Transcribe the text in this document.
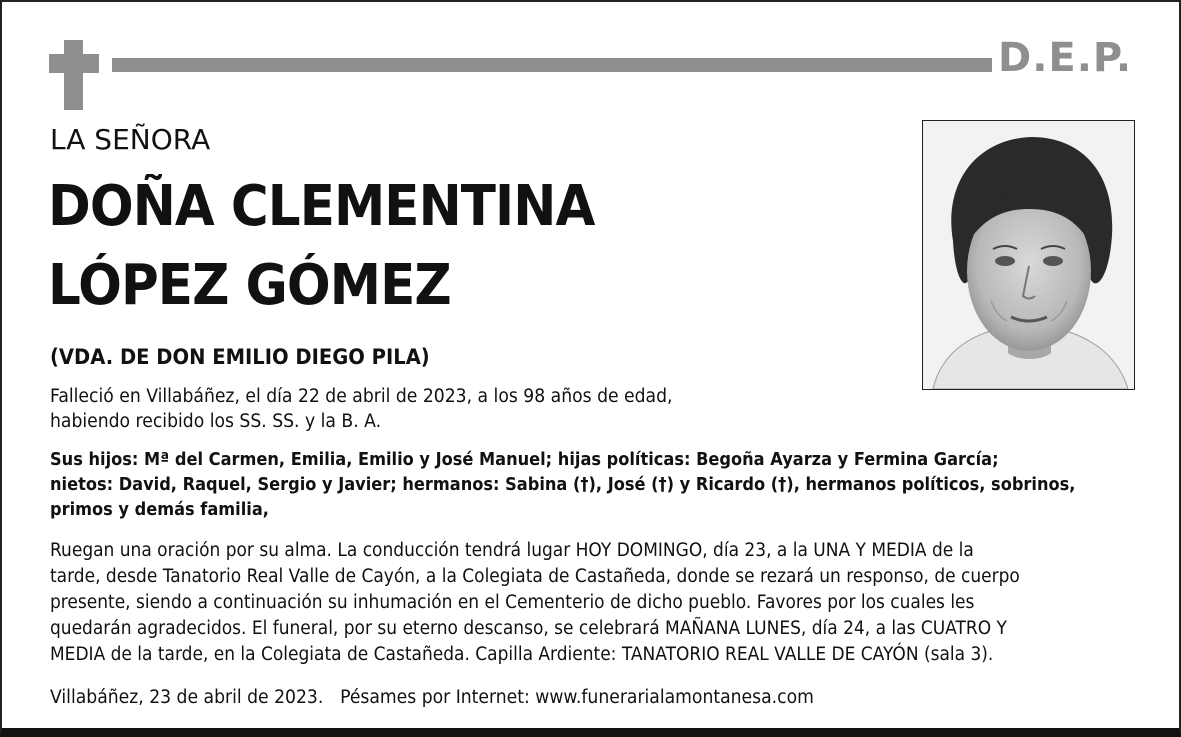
D.E.P.
LA SEÑORA
DOÑA CLEMENTINA
LÓPEZ GÓMEZ
(VDA. DE DON EMILIO DIEGO PILA)
Falleció en Villabáñez, el día 22 de abril de 2023, a los 98 años de edad,
habiendo recibido los SS. SS. y la B. A.
Sus hijos: Mª del Carmen, Emilia, Emilio y José Manuel; hijas políticas: Begoña Ayarza y Fermina García;
nietos: David, Raquel, Sergio y Javier; hermanos: Sabina (†), José (†) y Ricardo (†), hermanos políticos, sobrinos,
primos y demás familia,
Ruegan una oración por su alma. La conducción tendrá lugar HOY DOMINGO, día 23, a la UNA Y MEDIA de la
tarde, desde Tanatorio Real Valle de Cayón, a la Colegiata de Castañeda, donde se rezará un responso, de cuerpo
presente, siendo a continuación su inhumación en el Cementerio de dicho pueblo. Favores por los cuales les
quedarán agradecidos. El funeral, por su eterno descanso, se celebrará MAÑANA LUNES, día 24, a las CUATRO Y
MEDIA de la tarde, en la Colegiata de Castañeda. Capilla Ardiente: TANATORIO REAL VALLE DE CAYÓN (sala 3).
Villabáñez, 23 de abril de 2023. Pésames por Internet: www.funerarialamontanesa.com
